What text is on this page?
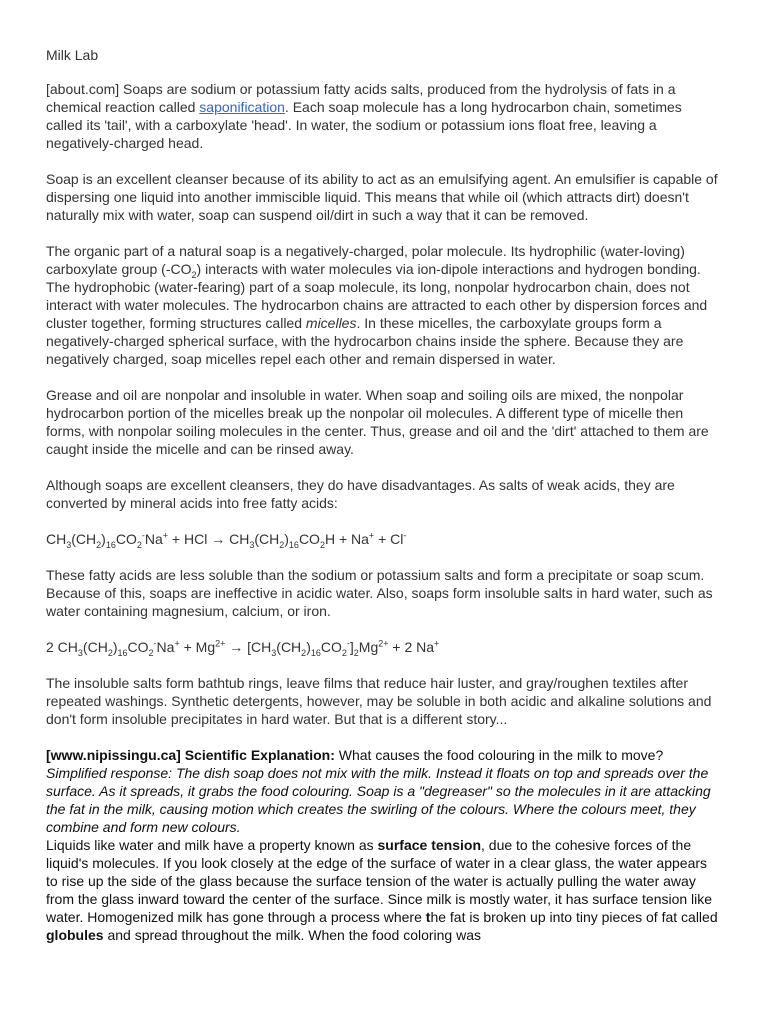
Milk Lab

[about.com] Soaps are sodium or potassium fatty acids salts, produced from the hydrolysis of fats in a chemical reaction called saponification. Each soap molecule has a long hydrocarbon chain, sometimes called its 'tail', with a carboxylate 'head'. In water, the sodium or potassium ions float free, leaving a negatively-charged head.

Soap is an excellent cleanser because of its ability to act as an emulsifying agent. An emulsifier is capable of dispersing one liquid into another immiscible liquid. This means that while oil (which attracts dirt) doesn't naturally mix with water, soap can suspend oil/dirt in such a way that it can be removed.

The organic part of a natural soap is a negatively-charged, polar molecule. Its hydrophilic (water-loving) carboxylate group $(-CO_2)$ interacts with water molecules via ion-dipole interactions and hydrogen bonding. The hydrophobic (water-fearing) part of a soap molecule, its long, nonpolar hydrocarbon chain, does not interact with water molecules. The hydrocarbon chains are attracted to each other by dispersion forces and cluster together, forming structures called micelles. In these micelles, the carboxylate groups form a negatively-charged spherical surface, with the hydrocarbon chains inside the sphere. Because they are negatively charged, soap micelles repel each other and remain dispersed in water.

Grease and oil are nonpolar and insoluble in water. When soap and soiling oils are mixed, the nonpolar hydrocarbon portion of the micelles break up the nonpolar oil molecules. A different type of micelle then forms, with nonpolar soiling molecules in the center. Thus, grease and oil and the 'dirt' attached to them are caught inside the micelle and can be rinsed away.

Although soaps are excellent cleansers, they do have disadvantages. As salts of weak acids, they are converted by mineral acids into free fatty acids:

$CH_3(CH_2)_{16}CO_2^-Na^+$ + HCl → $CH_3(CH_2)_{16}CO_2H + Na^+ + Cl^-$

These fatty acids are less soluble than the sodium or potassium salts and form a precipitate or soap scum. Because of this, soaps are ineffective in acidic water. Also, soaps form insoluble salts in hard water, such as water containing magnesium, calcium, or iron.

2 $CH_3(CH_2)_{16}CO_2^-Na^+ + Mg^{2+} \to [CH_3(CH_2)_{16}CO_2^-]_2Mg^{2+} + 2$ Na+

The insoluble salts form bathtub rings, leave films that reduce hair luster, and gray/roughen textiles after repeated washings. Synthetic detergents, however, may be soluble in both acidic and alkaline solutions and don't form insoluble precipitates in hard water. But that is a different story...

[www.nipissingu.ca] Scientific Explanation: What causes the food colouring in the milk to move?
Simplified response: The dish soap does not mix with the milk. Instead it floats on top and spreads over the surface. As it spreads, it grabs the food colouring. Soap is a "degreaser" so the molecules in it are attacking the fat in the milk, causing motion which creates the swirling of the colours. Where the colours meet, they combine and form new colours.

Liquids like water and milk have a property known as surface tension, due to the cohesive forces of the liquid's molecules. If you look closely at the edge of the surface of water in a clear glass, the water appears to rise up the side of the glass because the surface tension of the water is actually pulling the water away from the glass inward toward the center of the surface. Since milk is mostly water, it has surface tension like water. Homogenized milk has gone through a process where the fat is broken up into tiny pieces of fat called globules and spread throughout the milk. When the food coloring was
